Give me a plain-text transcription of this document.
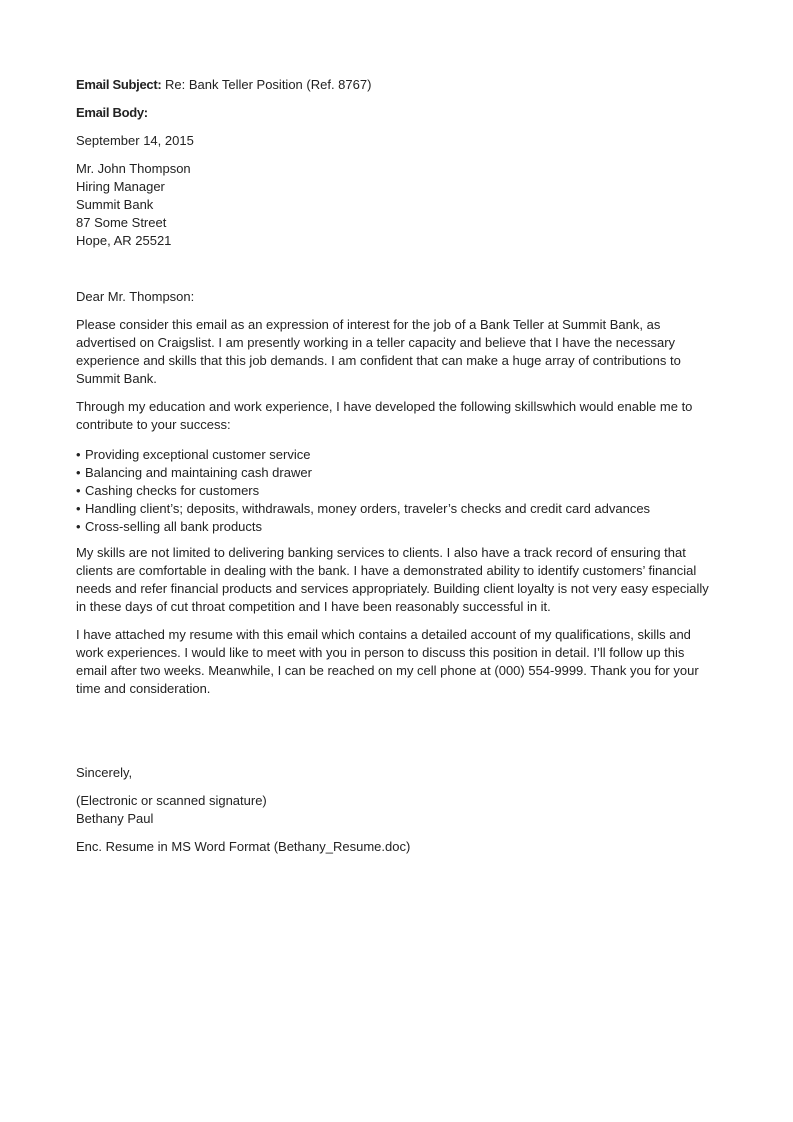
Email Subject: Re: Bank Teller Position (Ref. 8767)
Email Body:
September 14, 2015
Mr. John Thompson
Hiring Manager
Summit Bank
87 Some Street
Hope, AR 25521
Dear Mr. Thompson:

Please consider this email as an expression of interest for the job of a Bank Teller at Summit Bank, as advertised on Craigslist. I am presently working in a teller capacity and believe that I have the necessary experience and skills that this job demands. I am confident that can make a huge array of contributions to Summit Bank.

Through my education and work experience, I have developed the following skillswhich would enable me to contribute to your success:

• Providing exceptional customer service
• Balancing and maintaining cash drawer
• Cashing checks for customers
• Handling client’s; deposits, withdrawals, money orders, traveler’s checks and credit card advances
• Cross-selling all bank products

My skills are not limited to delivering banking services to clients. I also have a track record of ensuring that clients are comfortable in dealing with the bank. I have a demonstrated ability to identify customers’ financial needs and refer financial products and services appropriately. Building client loyalty is not very easy especially in these days of cut throat competition and I have been reasonably successful in it.

I have attached my resume with this email which contains a detailed account of my qualifications, skills and work experiences. I would like to meet with you in person to discuss this position in detail. I’ll follow up this email after two weeks. Meanwhile, I can be reached on my cell phone at (000) 554-9999. Thank you for your time and consideration.

Sincerely,
(Electronic or scanned signature)
Bethany Paul
Enc. Resume in MS Word Format (Bethany_Resume.doc)
